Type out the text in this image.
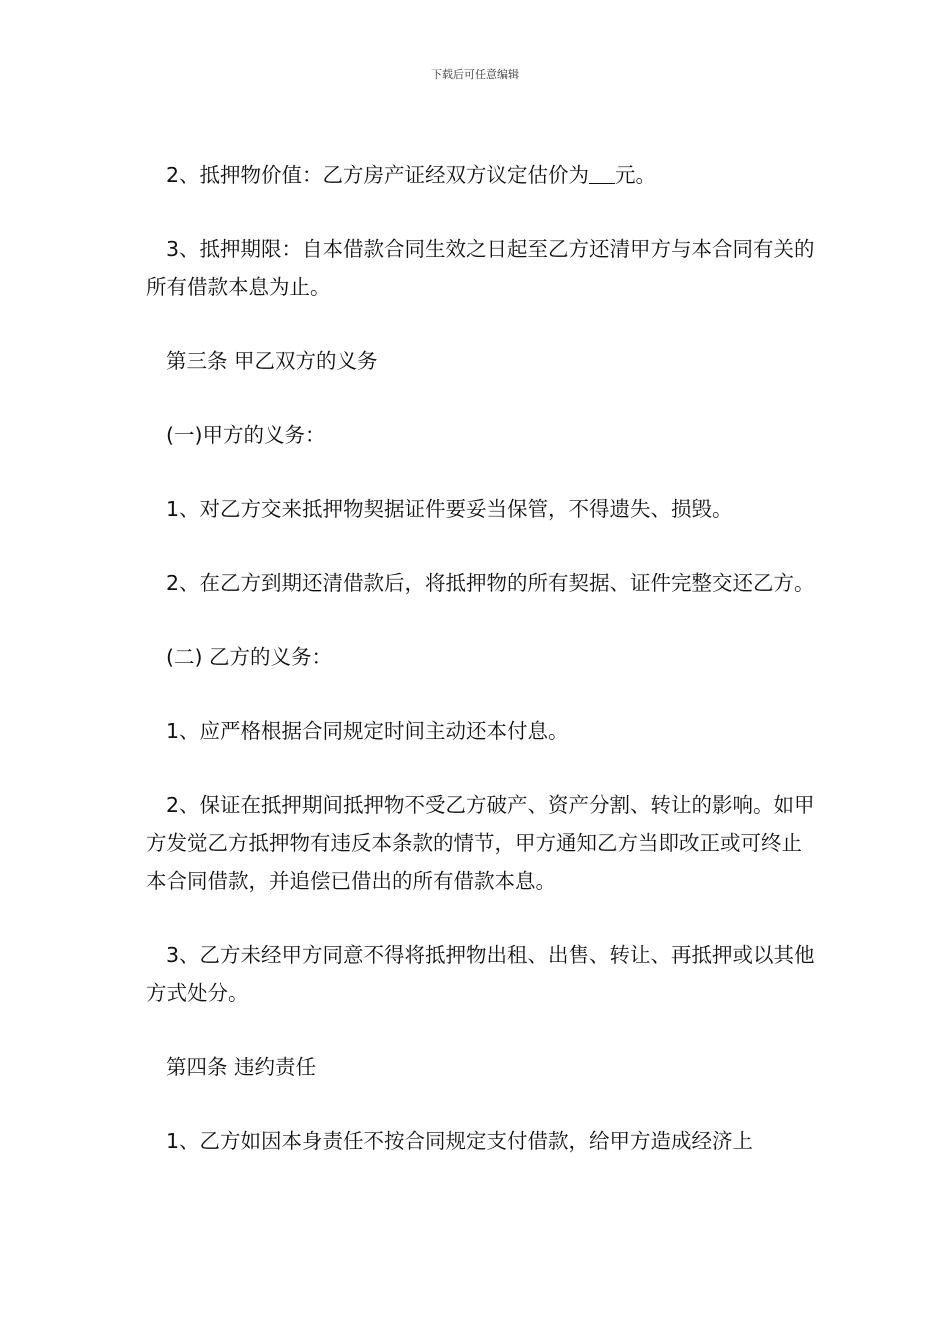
下载后可任意编辑

2、抵押物价值：乙方房产证经双方议定估价为 元。

3、抵押期限：自本借款合同生效之日起至乙方还清甲方与本合同有关的所有借款本息为止。

第三条 甲乙双方的义务

(一)甲方的义务：

1、对乙方交来抵押物契据证件要妥当保管，不得遗失、损毁。

2、在乙方到期还清借款后，将抵押物的所有契据、证件完整交还乙方。

(二) 乙方的义务：

1、应严格根据合同规定时间主动还本付息。

2、保证在抵押期间抵押物不受乙方破产、资产分割、转让的影响。如甲方发觉乙方抵押物有违反本条款的情节，甲方通知乙方当即改正或可终止本合同借款，并追偿已借出的所有借款本息。

3、乙方未经甲方同意不得将抵押物出租、出售、转让、再抵押或以其他方式处分。

第四条 违约责任

1、乙方如因本身责任不按合同规定支付借款，给甲方造成经济上
